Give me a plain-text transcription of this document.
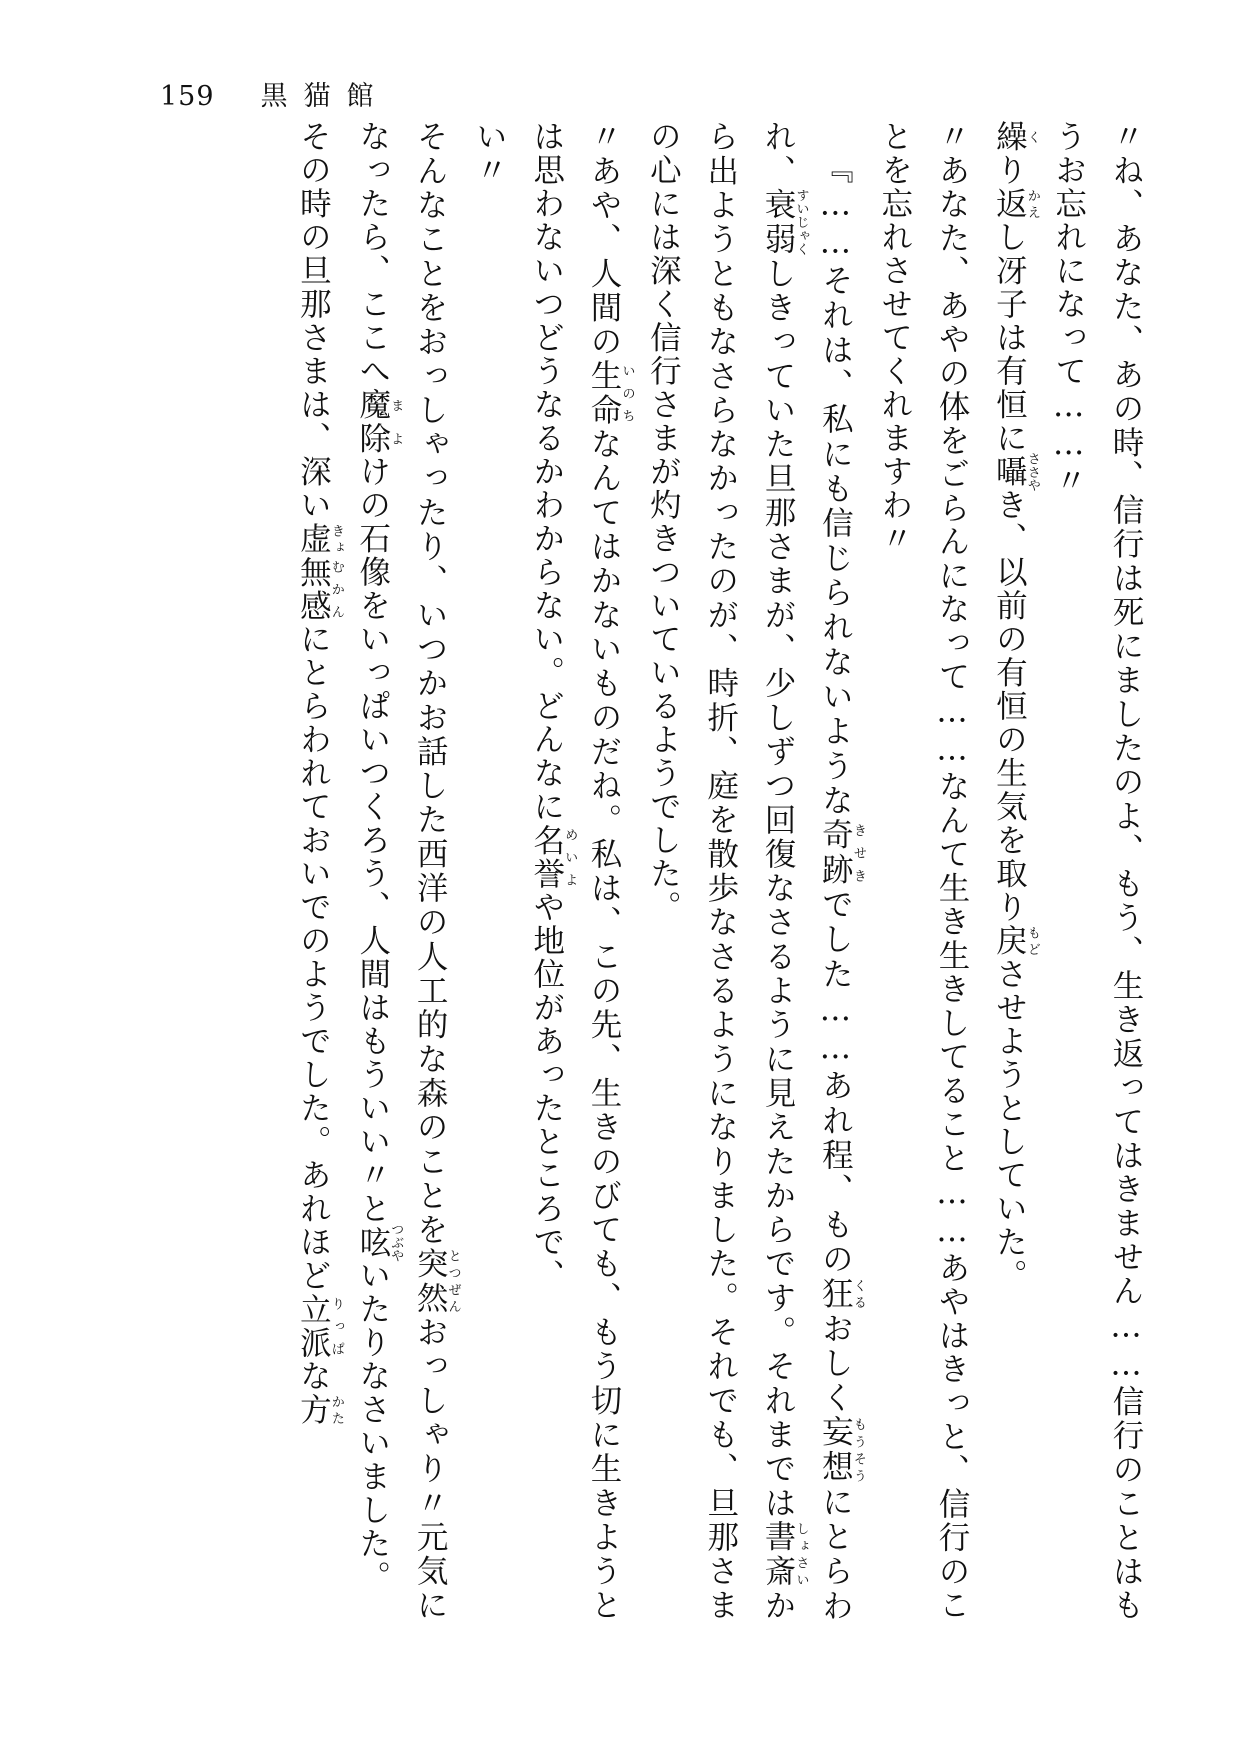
159 黒猫館

〃ね、あなた、あの時、信行は死にましたのよ、もう、生き返ってはきません……信行のことはもうお忘れになって……〃

繰くり返かえし冴子は有恒に囁ささやき、以前の有恒の生気を取り戻もどさせようとしていた。

〃あなた、あやの体をごらんになって……なんて生き生きしてること……あやはきっと、信行のことを忘れさせてくれますわ〃

『……それは、私にも信じられないような奇跡きせきでした……あれ程、もの狂くるおしく妄想もうそうにとらわれ、衰弱すいじゃくしきっていた旦那さまが、少しずつ回復なさるように見えたからです。それまでは書斎しょさいから出ようともなさらなかったのが、時折、庭を散歩なさるようになりました。それでも、旦那さまの心には深く信行さまが灼きついているようでした。

〃あや、人間の生命いのちなんてはかないものだね。私は、この先、生きのびても、もう切に生きようとは思わないつどうなるかわからない。どんなに名誉めいよや地位があったところで、

い〃

そんなことをおっしゃったり、いつかお話した西洋の人工的な森のことを突然とつぜんおっしゃり〃元気になったら、ここへ魔ま除よけの石像をいっぱいつくろう、人間はもういい〃と呟つぶやいたりなさいました。

その時の旦那さまは、深い虚きょ無感むかんにとらわれておいでのようでした。あれほど立派りっぱな方かた
